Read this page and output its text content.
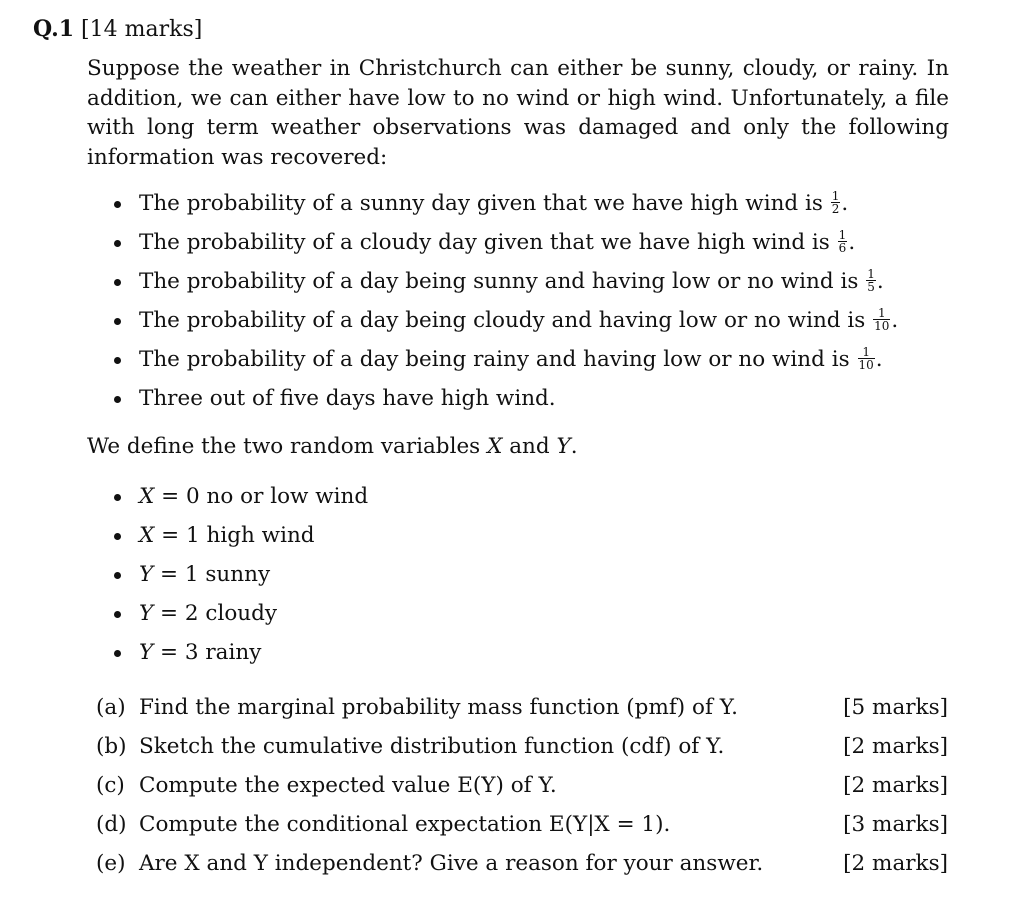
Q.1 [14 marks]
Suppose the weather in Christchurch can either be sunny, cloudy, or rainy. In addition, we can either have low to no wind or high wind. Unfortunately, a file with long term weather observations was damaged and only the following information was recovered:
The probability of a sunny day given that we have high wind is $\frac{1}{2}$ .
The probability of a cloudy day given that we have high wind is $\frac{1}{6}$ .
The probability of a day being sunny and having low or no wind is $\frac{1}{5}$ .
The probability of a day being cloudy and having low or no wind is $\frac{1}{10}$ .
The probability of a day being rainy and having low or no wind is $\frac{1}{10}$ .
Three out of five days have high wind.
We define the two random variables X and Y.
X = 0 no or low wind
X = 1 high wind
Y = 1 sunny
Y = 2 cloudy
Y = 3 rainy
(a) Find the marginal probability mass function (pmf) of Y.	[5 marks]
(b) Sketch the cumulative distribution function (cdf) of Y.	[2 marks]
(c) Compute the expected value E(Y) of Y.	[2 marks]
(d) Compute the conditional expectation E(Y|X = 1).	[3 marks]
(e) Are X and Y independent? Give a reason for your answer.	[2 marks]
